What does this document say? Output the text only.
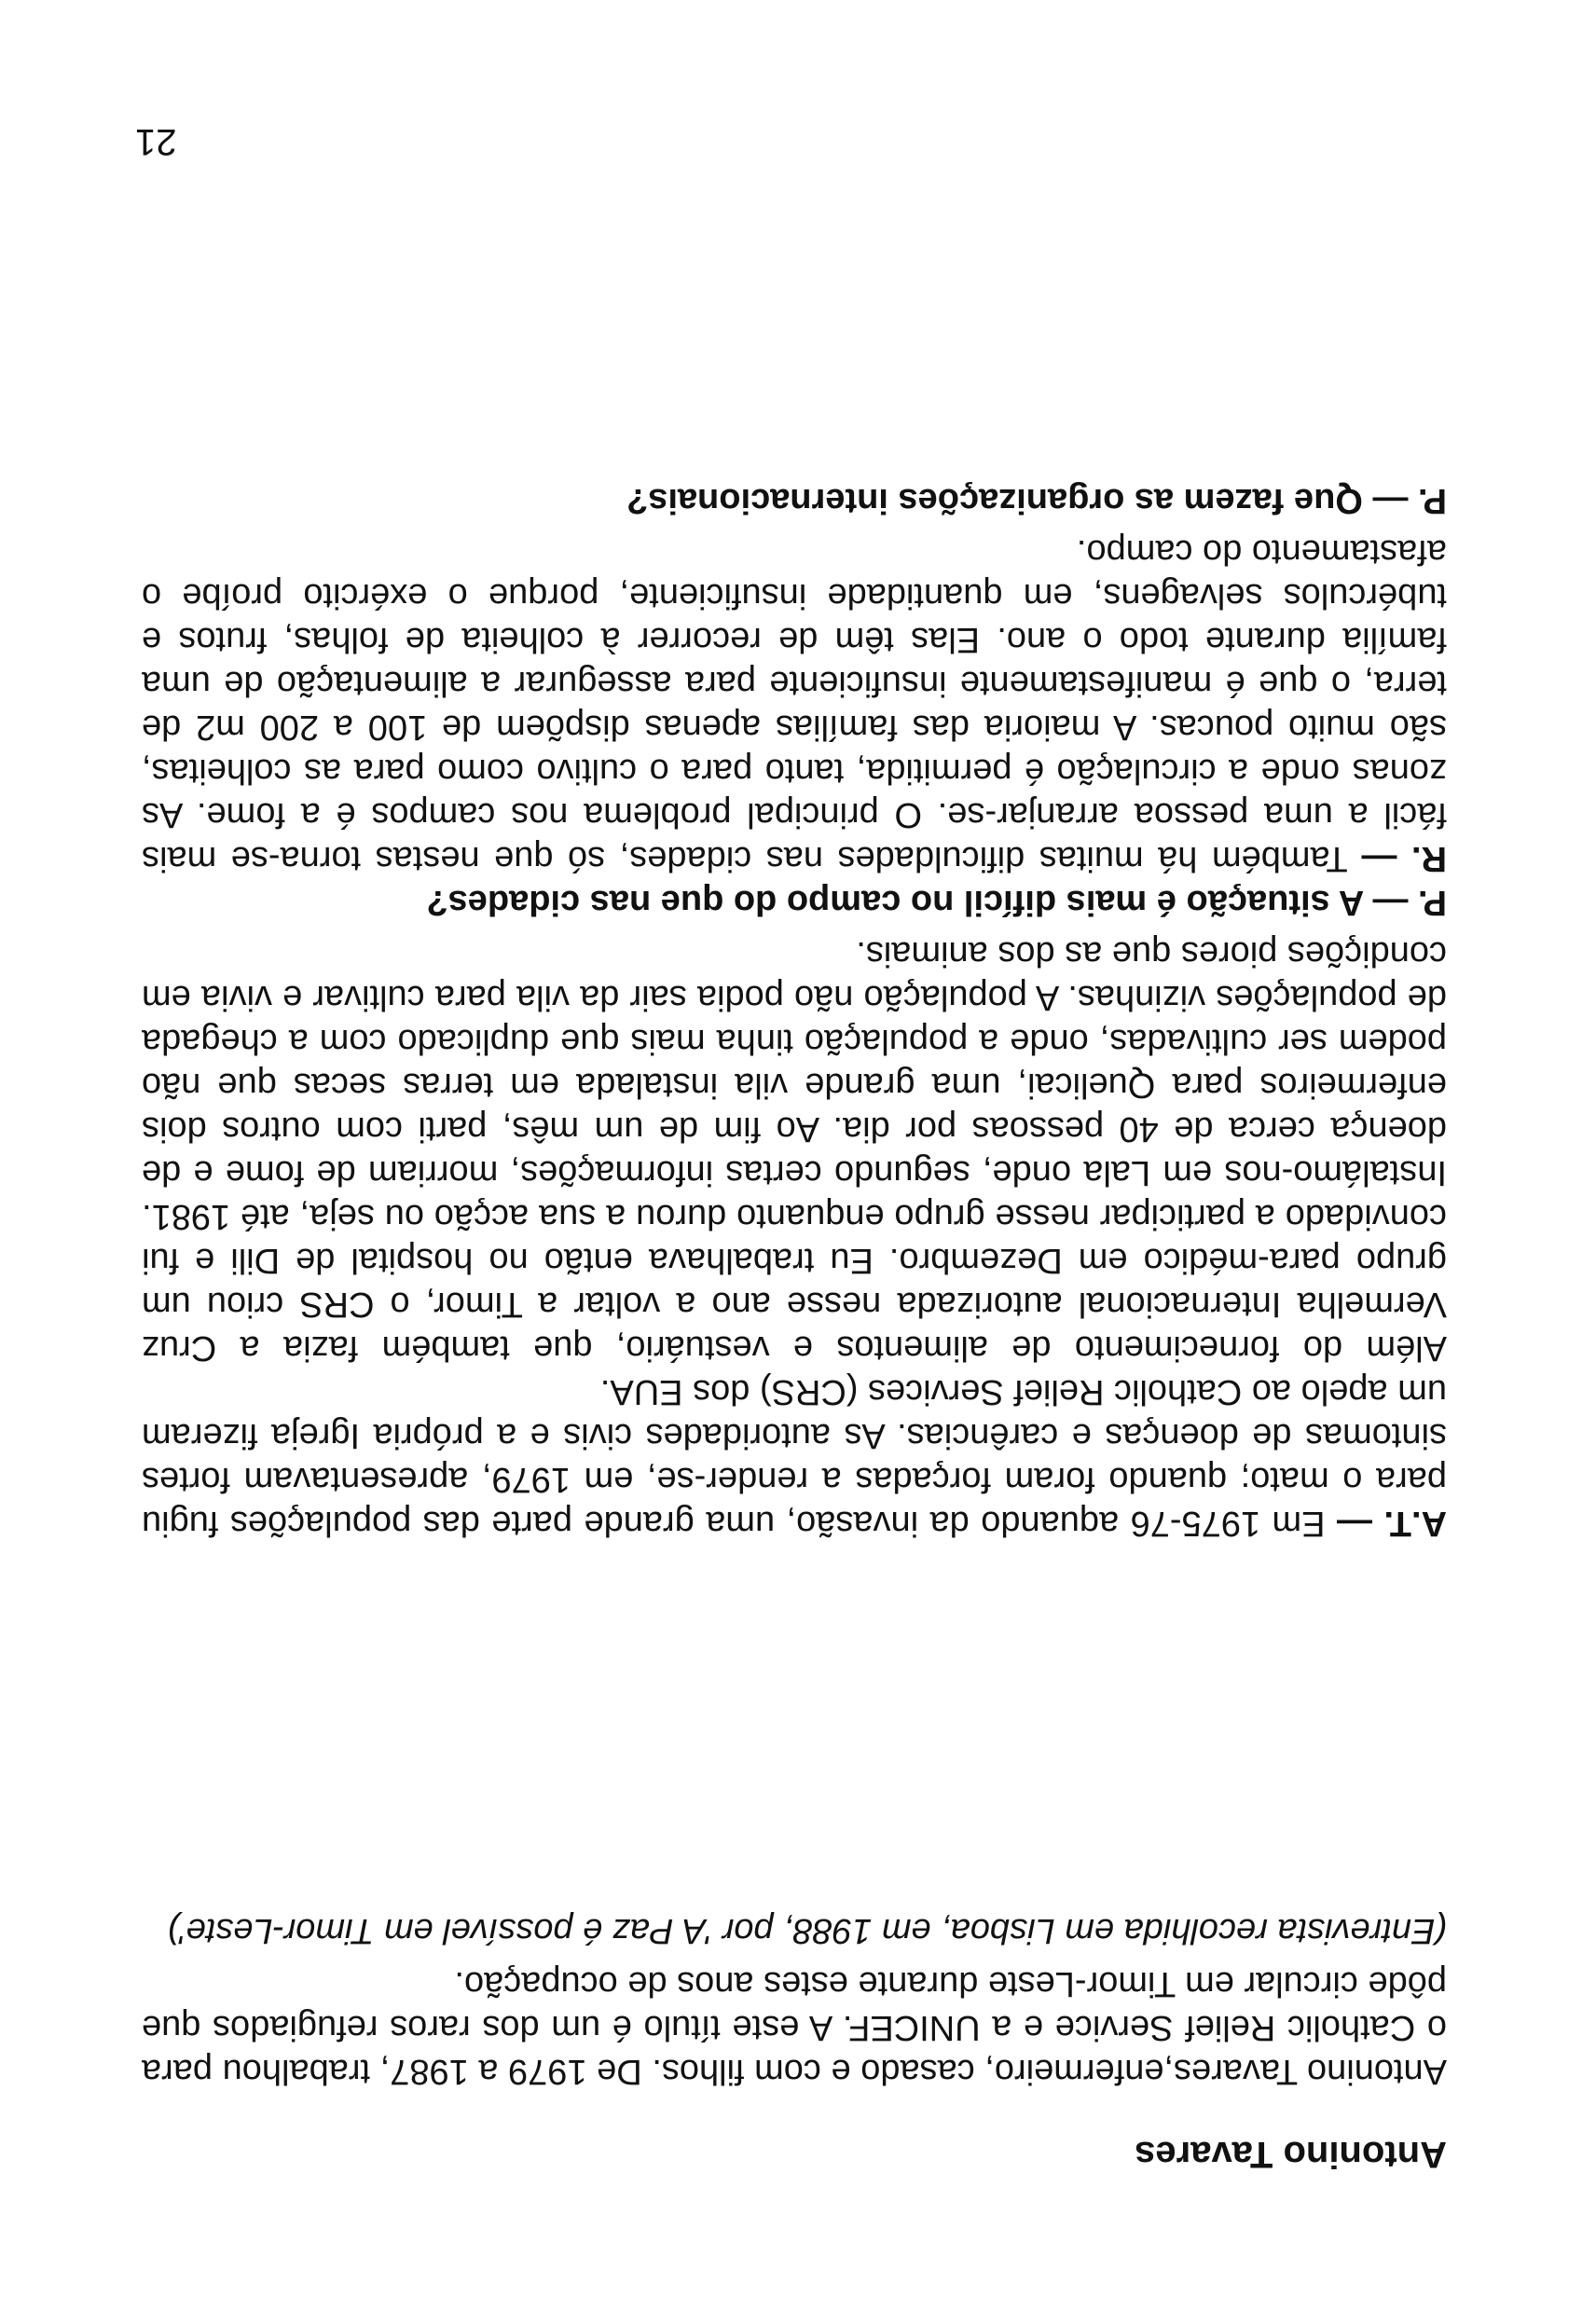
Antonino Tavares

Antonino Tavares,enfermeiro, casado e com filhos. De 1979 a 1987, trabalhou para o Catholic Relief Service e a UNICEF. A este título é um dos raros refugiados que pôde circular em Timor-Leste durante estes anos de ocupação.

(Entrevista recolhida em Lisboa, em 1988, por 'A Paz é possível em Timor-Leste')

A.T. — Em 1975-76 aquando da invasão, uma grande parte das populações fugiu para o mato; quando foram forçadas a render-se, em 1979, apresentavam fortes sintomas de doenças e carências. As autoridades civis e a própria Igreja fizeram um apelo ao Catholic Relief Services (CRS) dos EUA.

Além do fornecimento de alimentos e vestuário, que também fazia a Cruz Vermelha Internacional autorizada nesse ano a voltar a Timor, o CRS criou um grupo para-médico em Dezembro. Eu trabalhava então no hospital de Dili e fui convidado a participar nesse grupo enquanto durou a sua acção ou seja, até 1981. Instalámo-nos em Lala onde, segundo certas informações, morriam de fome e de doença cerca de 40 pessoas por dia. Ao fim de um mês, parti com outros dois enfermeiros para Quelicai, uma grande vila instalada em terras secas que não podem ser cultivadas, onde a população tinha mais que duplicado com a chegada de populações vizinhas. A população não podia sair da vila para cultivar e vivia em condições piores que as dos animais.

P. — A situação é mais difícil no campo do que nas cidades?

R. — Também há muitas dificuldades nas cidades, só que nestas torna-se mais fácil a uma pessoa arranjar-se. O principal problema nos campos é a fome. As zonas onde a circulação é permitida, tanto para o cultivo como para as colheitas, são muito poucas. A maioria das famílias apenas dispõem de 100 a 200 m2 de terra, o que é manifestamente insuficiente para assegurar a alimentação de uma família durante todo o ano. Elas têm de recorrer à colheita de folhas, frutos e tubérculos selvagens, em quantidade insuficiente, porque o exército proíbe o afastamento do campo.

P. — Que fazem as organizações internacionais?

21
